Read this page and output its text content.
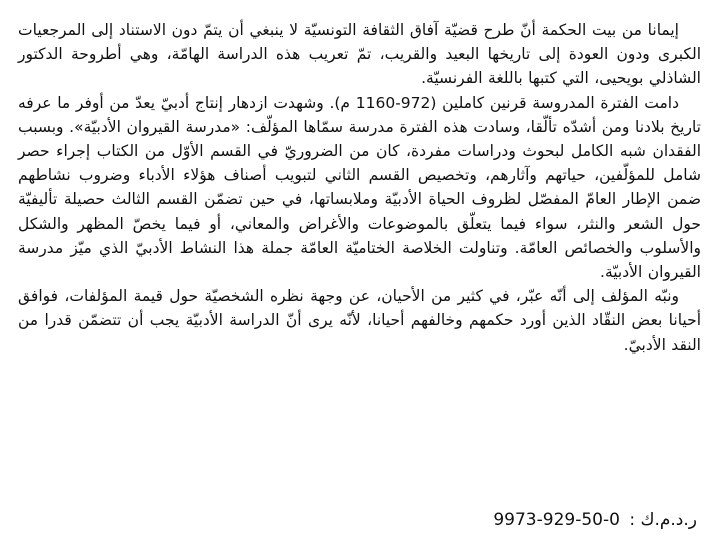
إيمانا من بيت الحكمة أنّ طرح قضيّة آفاق الثقافة التونسيّة لا ينبغي أن يتمّ دون الاستناد إلى المرجعيات الكبرى ودون العودة إلى تاريخها البعيد والقريب، تمّ تعريب هذه الدراسة الهامّة، وهي أطروحة الدكتور الشاذلي بويحيى، التي كتبها باللغة الفرنسيّة.

دامت الفترة المدروسة قرنين كاملين (972-1160 م). وشهدت ازدهار إنتاج أدبيّ يعدّ من أوفر ما عرفه تاريخ بلادنا ومن أشدّه تألّقا، وسادت هذه الفترة مدرسة سمّاها المؤلّف: «مدرسة القيروان الأدبيّة». وبسبب الفقدان شبه الكامل لبحوث ودراسات مفردة، كان من الضروريّ في القسم الأوّل من الكتاب إجراء حصر شامل للمؤلّفين، حياتهم وآثارهم، وتخصيص القسم الثاني لتبويب أصناف هؤلاء الأدباء وضروب نشاطهم ضمن الإطار العامّ المفصّل لظروف الحياة الأدبيّة وملابساتها، في حين تضمّن القسم الثالث حصيلة تأليفيّة حول الشعر والنثر، سواء فيما يتعلّق بالموضوعات والأغراض والمعاني، أو فيما يخصّ المظهر والشكل والأسلوب والخصائص العامّة. وتناولت الخلاصة الختاميّة العامّة جملة هذا النشاط الأدبيّ الذي ميّز مدرسة القيروان الأدبيّة.

ونبّه المؤلف إلى أنّه عبّر، في كثير من الأحيان، عن وجهة نظره الشخصيّة حول قيمة المؤلفات، فوافق أحيانا بعض النقّاد الذين أورد حكمهم وخالفهم أحيانا، لأنّه يرى أنّ الدراسة الأدبيّة يجب أن تتضمّن قدرا من النقد الأدبيّ.

ر.د.م.ك : 9973-929-50-0
